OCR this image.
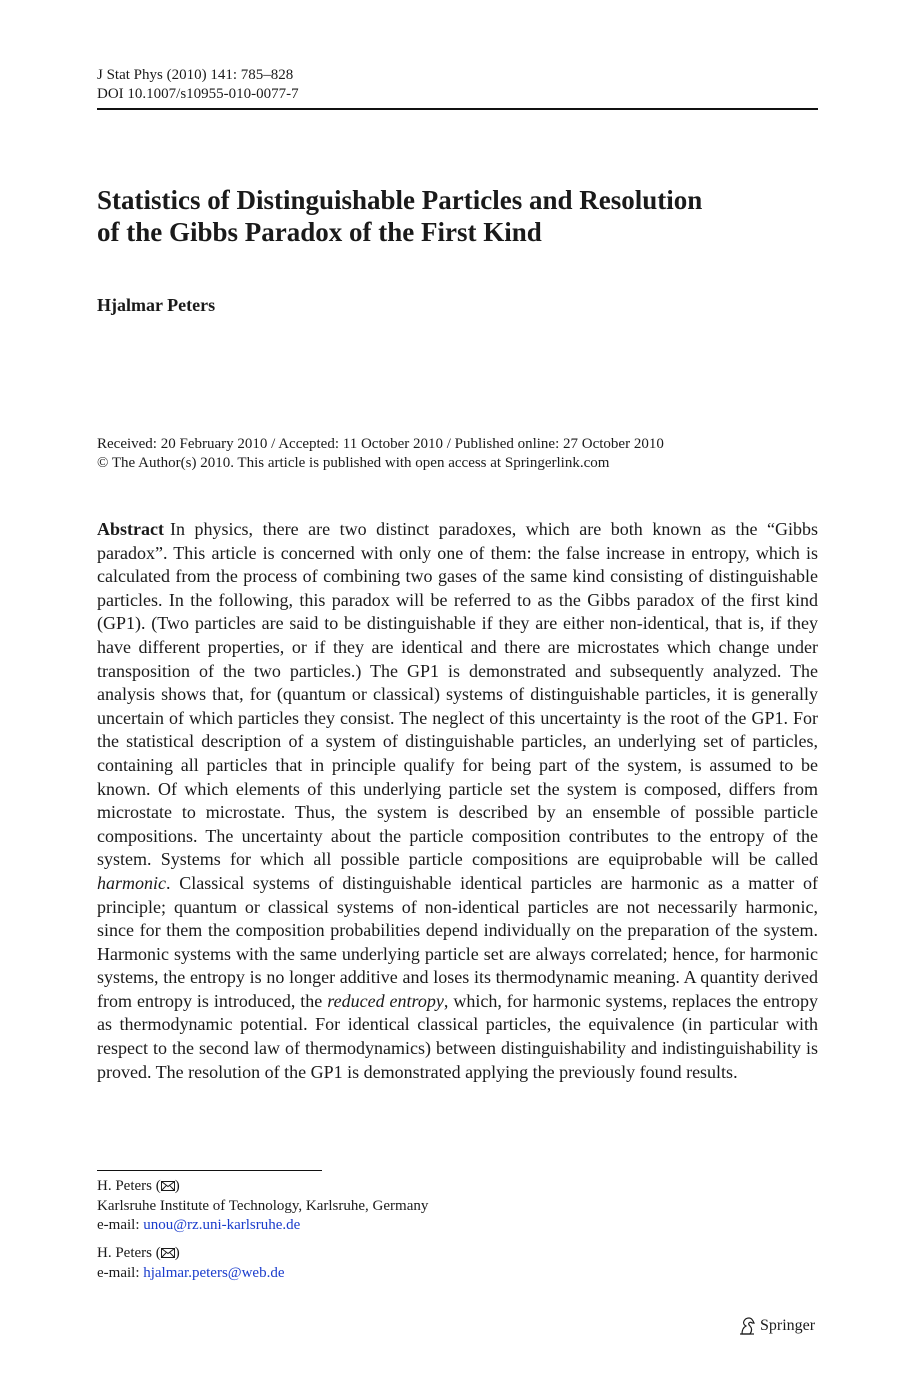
J Stat Phys (2010) 141: 785–828
DOI 10.1007/s10955-010-0077-7
Statistics of Distinguishable Particles and Resolution
of the Gibbs Paradox of the First Kind
Hjalmar Peters
Received: 20 February 2010 / Accepted: 11 October 2010 / Published online: 27 October 2010
© The Author(s) 2010. This article is published with open access at Springerlink.com

Abstract In physics, there are two distinct paradoxes, which are both known as the “Gibbs paradox”. This article is concerned with only one of them: the false increase in entropy, which is calculated from the process of combining two gases of the same kind consisting of distinguishable particles. In the following, this paradox will be referred to as the Gibbs paradox of the first kind (GP1). (Two particles are said to be distinguishable if they are either non-identical, that is, if they have different properties, or if they are identical and there are microstates which change under transposition of the two particles.) The GP1 is demonstrated and subsequently analyzed. The analysis shows that, for (quantum or classical) systems of distinguishable particles, it is generally uncertain of which particles they consist. The neglect of this uncertainty is the root of the GP1. For the statistical description of a system of distinguishable particles, an underlying set of particles, containing all particles that in principle qualify for being part of the system, is assumed to be known. Of which elements of this underlying particle set the system is composed, differs from microstate to microstate. Thus, the system is described by an ensemble of possible particle compositions. The uncertainty about the particle composition contributes to the entropy of the system. Systems for which all possible particle compositions are equiprobable will be called harmonic. Classical systems of distinguishable identical particles are harmonic as a matter of principle; quantum or classical systems of non-identical particles are not necessarily harmonic, since for them the composition probabilities depend individually on the preparation of the system. Harmonic systems with the same underlying particle set are always correlated; hence, for harmonic systems, the entropy is no longer additive and loses its thermodynamic meaning. A quantity derived from entropy is introduced, the reduced entropy, which, for harmonic systems, replaces the entropy as thermodynamic potential. For identical classical particles, the equivalence (in particular with respect to the second law of thermodynamics) between distinguishability and indistinguishability is proved. The resolution of the GP1 is demonstrated applying the previously found results.

H. Peters ( )
Karlsruhe Institute of Technology, Karlsruhe, Germany
e-mail: unou@rz.uni-karlsruhe.de
H. Peters ( )
e-mail: hjalmar.peters@web.de
Springer
